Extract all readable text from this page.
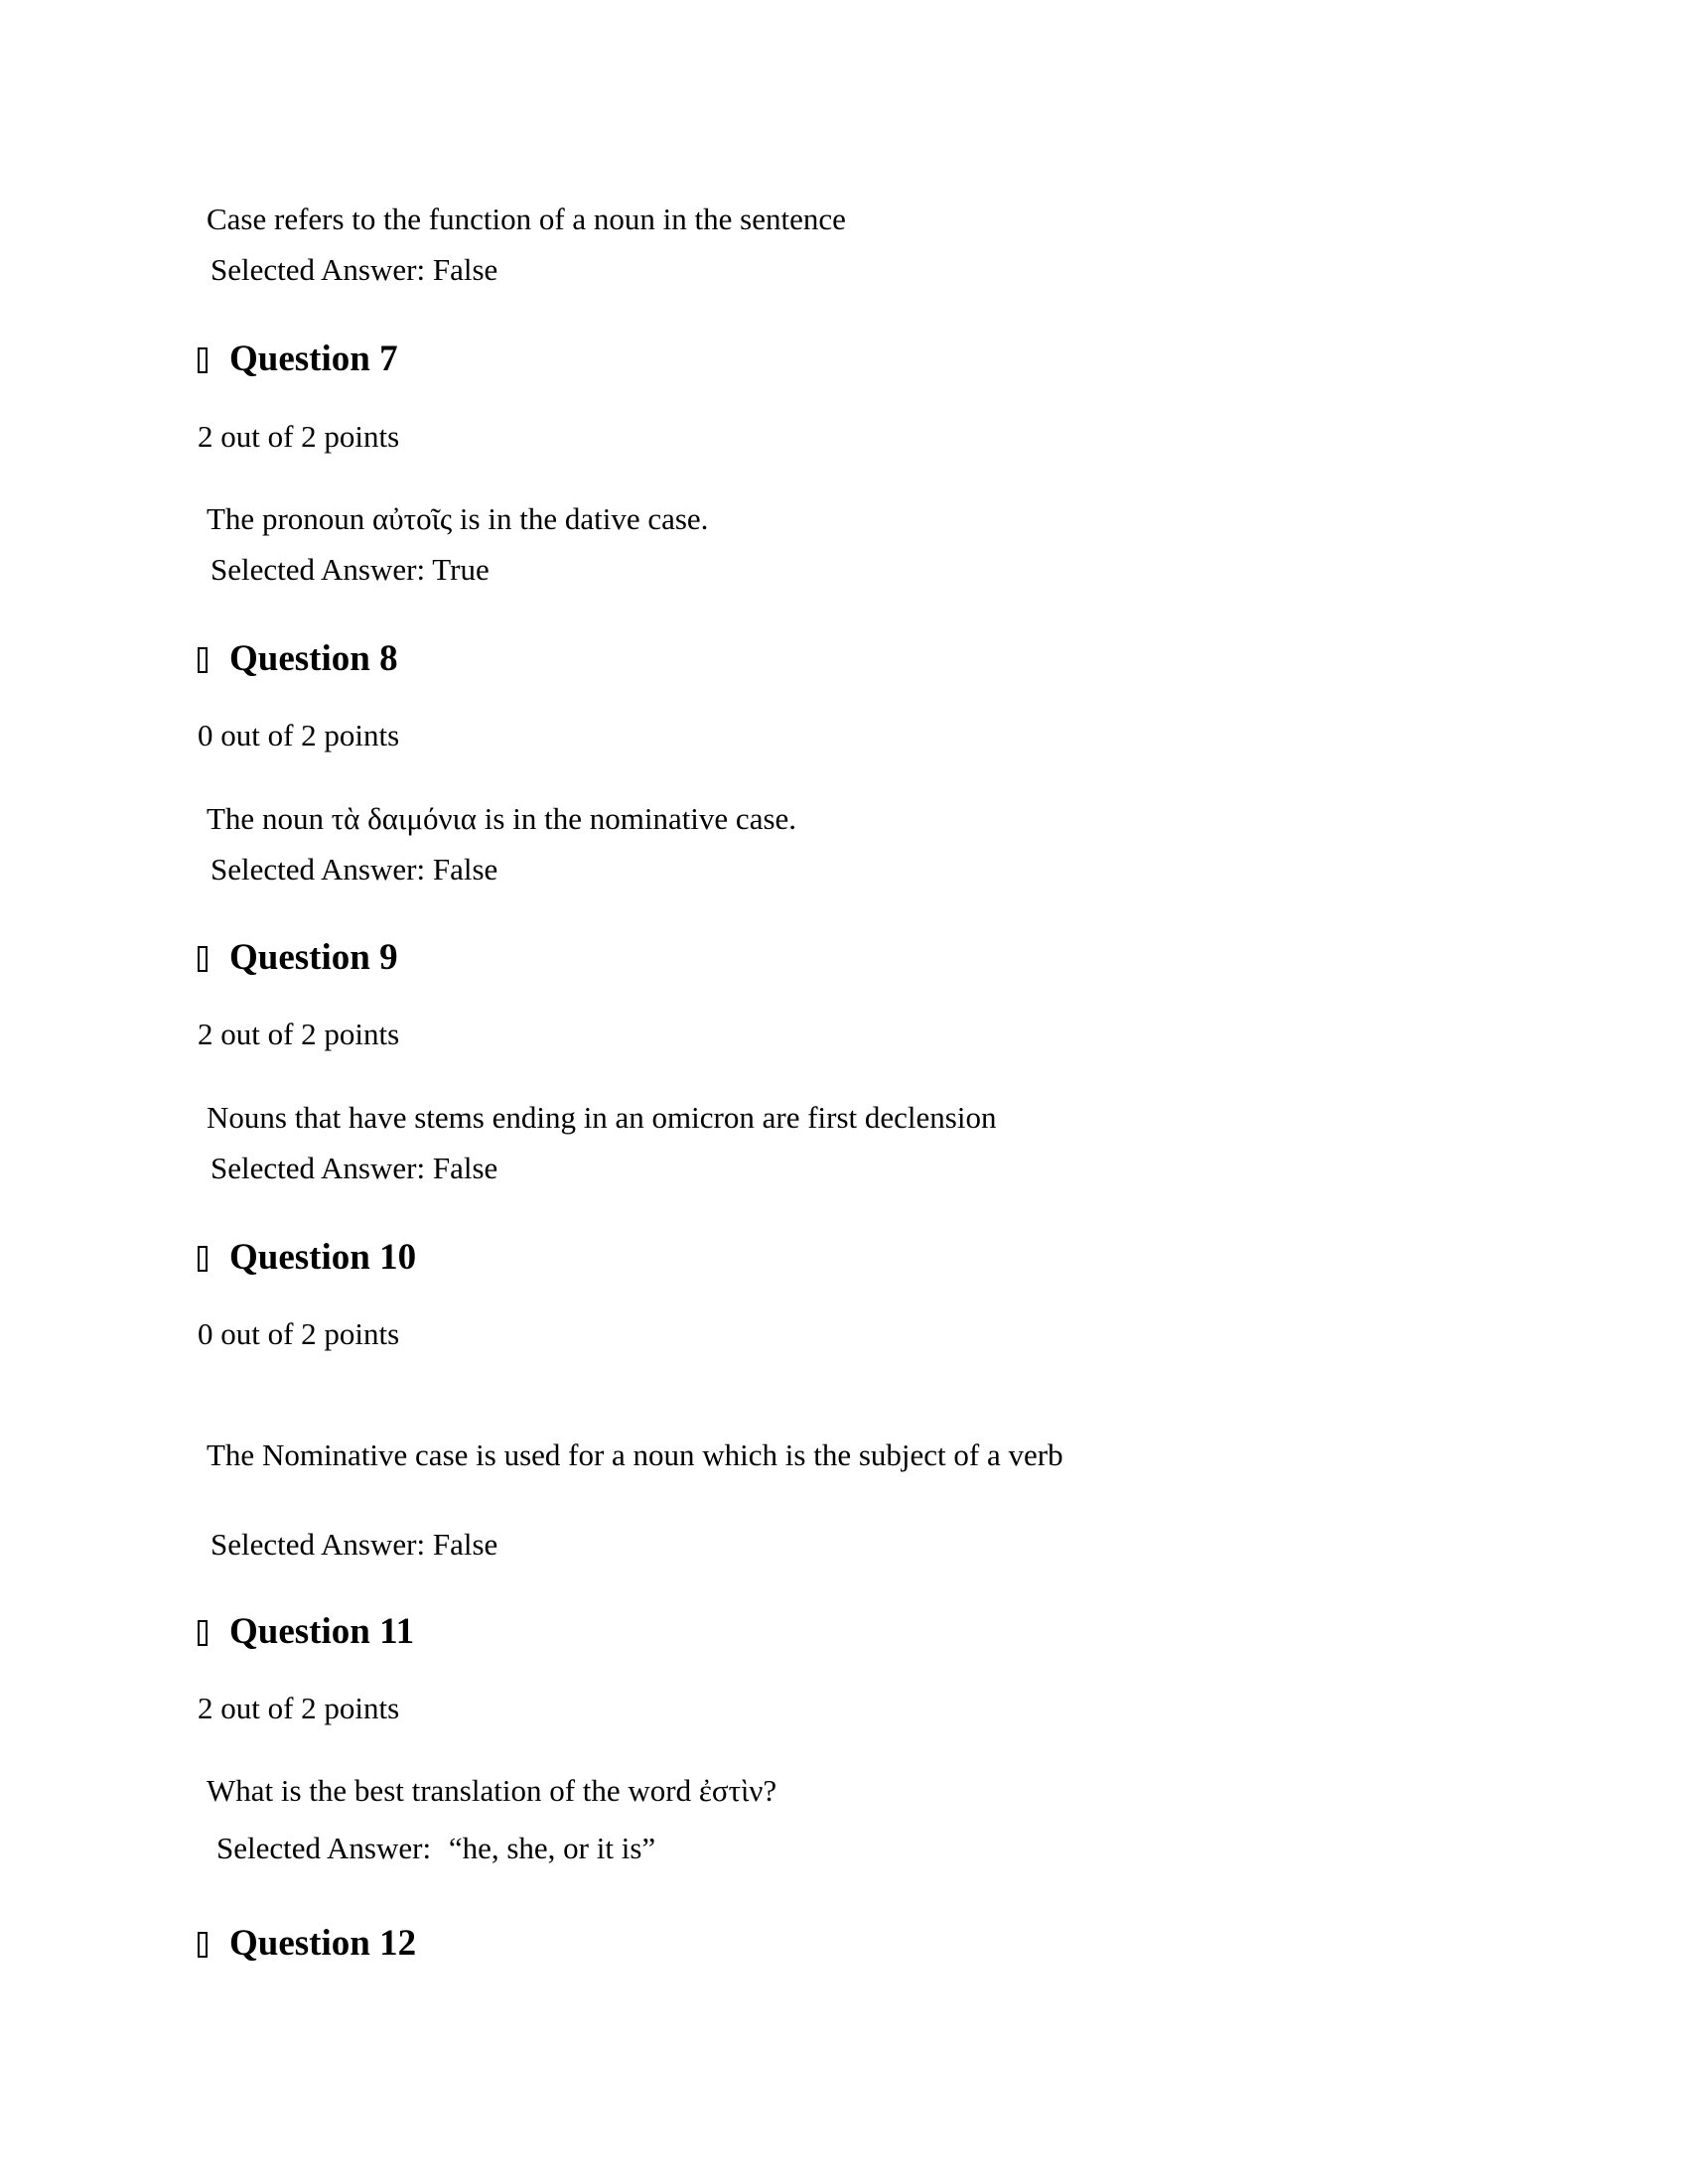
Case refers to the function of a noun in the sentence
Selected Answer: False
Question 7
2 out of 2 points
The pronoun αὐτοῖς is in the dative case.
Selected Answer: True
Question 8
0 out of 2 points
The noun τὰ δαιμόνια is in the nominative case.
Selected Answer: False
Question 9
2 out of 2 points
Nouns that have stems ending in an omicron are first declension
Selected Answer: False
Question 10
0 out of 2 points
The Nominative case is used for a noun which is the subject of a verb
Selected Answer: False
Question 11
2 out of 2 points
What is the best translation of the word ἐστὶν?
Selected Answer: “he, she, or it is”
Question 12
